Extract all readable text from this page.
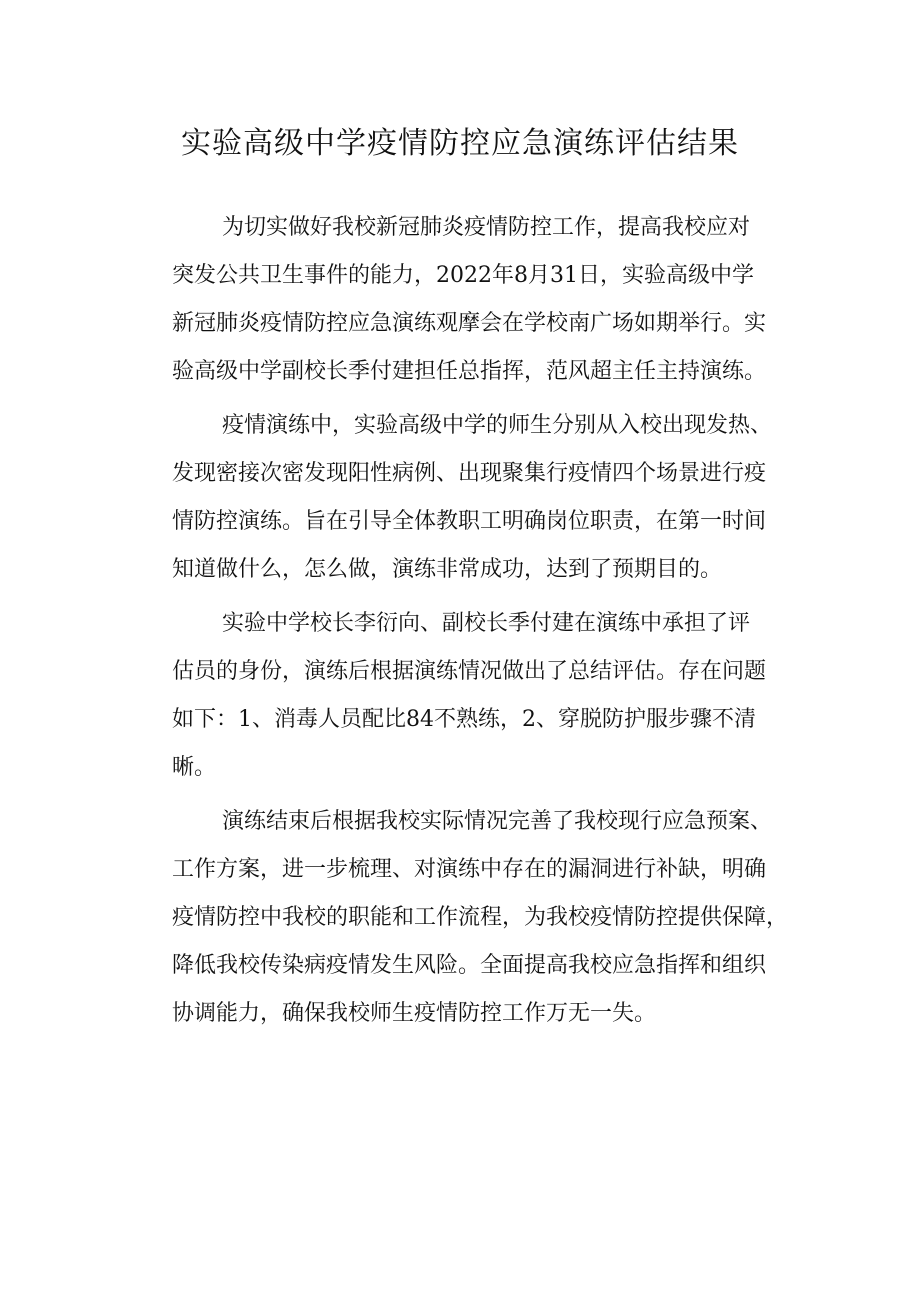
实验高级中学疫情防控应急演练评估结果
为切实做好我校新冠肺炎疫情防控工作，提高我校应对
突发公共卫生事件的能力，2022年8月31日，实验高级中学
新冠肺炎疫情防控应急演练观摩会在学校南广场如期举行。实
验高级中学副校长季付建担任总指挥，范风超主任主持演练。
疫情演练中，实验高级中学的师生分别从入校出现发热、
发现密接次密发现阳性病例、出现聚集行疫情四个场景进行疫
情防控演练。旨在引导全体教职工明确岗位职责，在第一时间
知道做什么，怎么做，演练非常成功，达到了预期目的。
实验中学校长李衍向、副校长季付建在演练中承担了评
估员的身份，演练后根据演练情况做出了总结评估。存在问题
如下：1、消毒人员配比84不熟练，2、穿脱防护服步骤不清
晰。
演练结束后根据我校实际情况完善了我校现行应急预案、
工作方案，进一步梳理、对演练中存在的漏洞进行补缺，明确
疫情防控中我校的职能和工作流程，为我校疫情防控提供保障，
降低我校传染病疫情发生风险。全面提高我校应急指挥和组织
协调能力，确保我校师生疫情防控工作万无一失。
